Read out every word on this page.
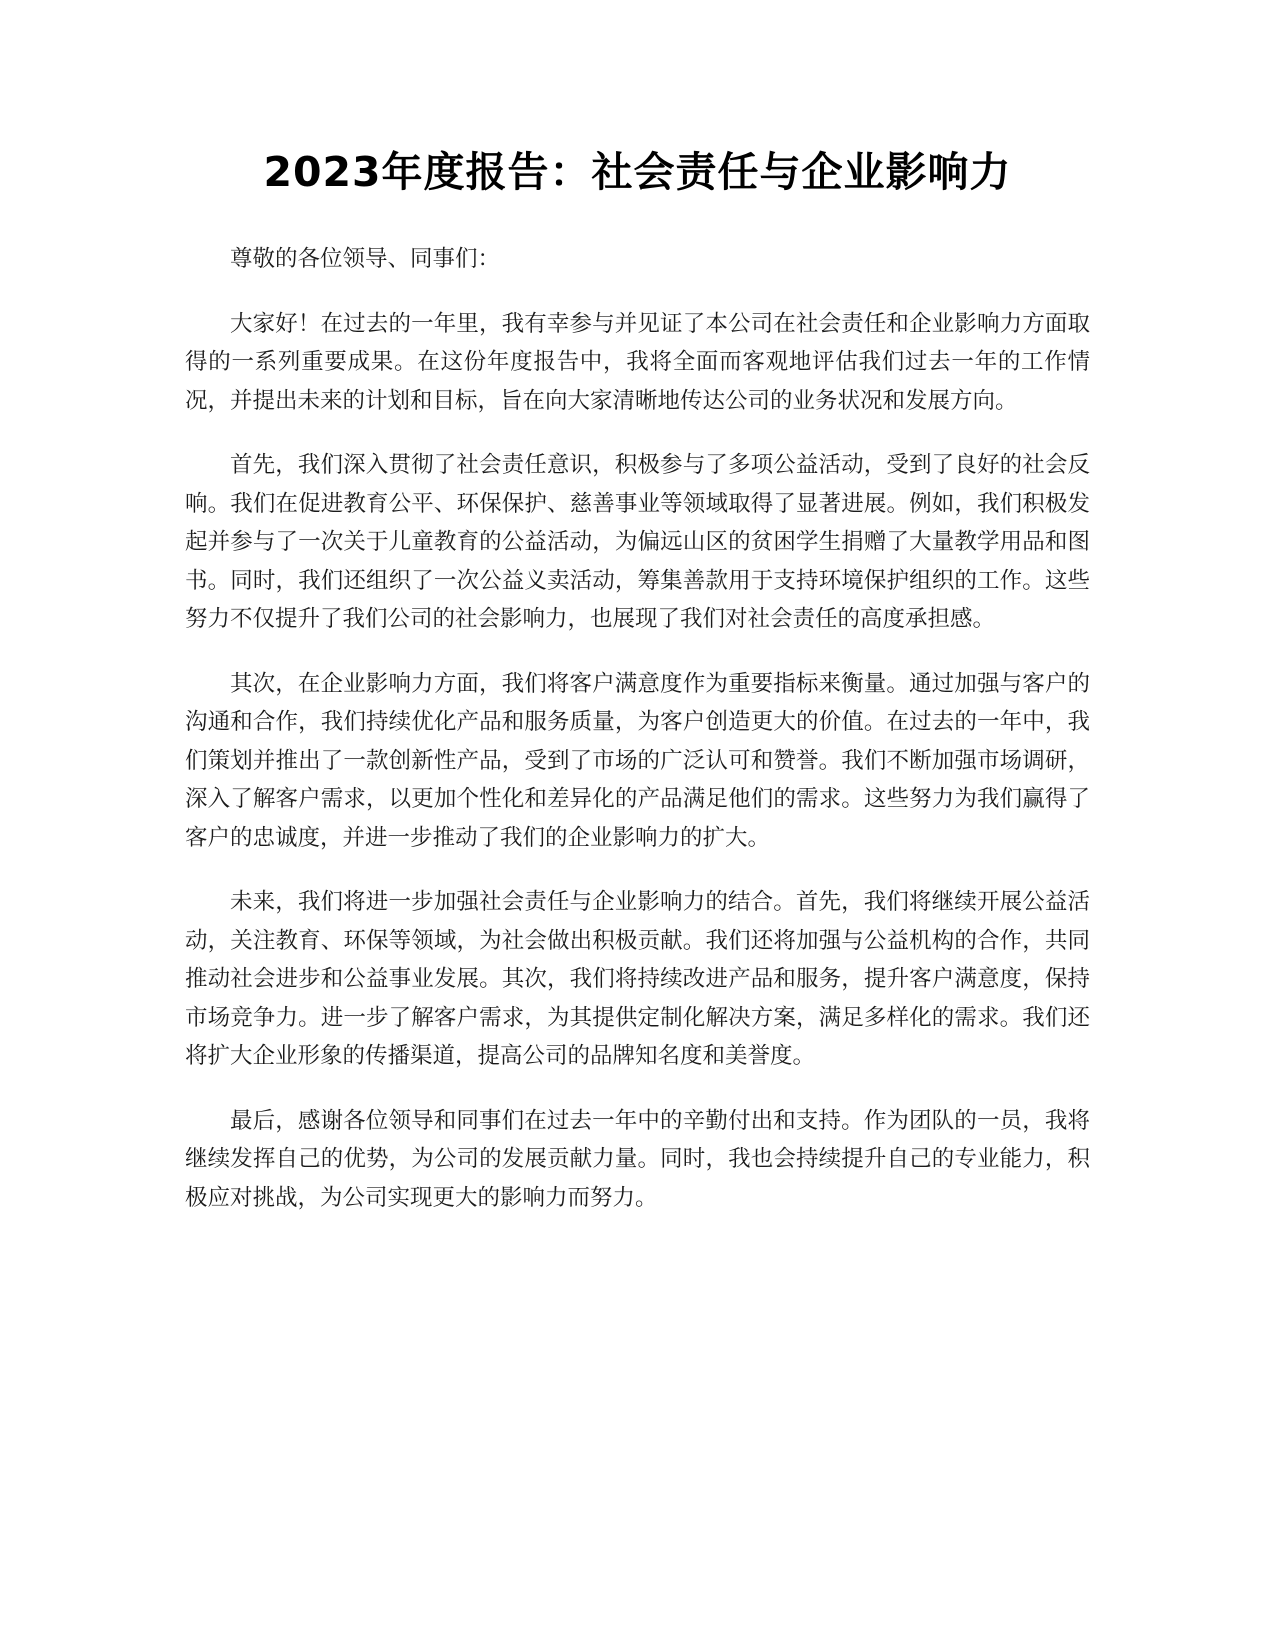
2023年度报告：社会责任与企业影响力

尊敬的各位领导、同事们：

大家好！在过去的一年里，我有幸参与并见证了本公司在社会责任和企业影响力方面取得的一系列重要成果。在这份年度报告中，我将全面而客观地评估我们过去一年的工作情况，并提出未来的计划和目标，旨在向大家清晰地传达公司的业务状况和发展方向。

首先，我们深入贯彻了社会责任意识，积极参与了多项公益活动，受到了良好的社会反响。我们在促进教育公平、环保保护、慈善事业等领域取得了显著进展。例如，我们积极发起并参与了一次关于儿童教育的公益活动，为偏远山区的贫困学生捐赠了大量教学用品和图书。同时，我们还组织了一次公益义卖活动，筹集善款用于支持环境保护组织的工作。这些努力不仅提升了我们公司的社会影响力，也展现了我们对社会责任的高度承担感。

其次，在企业影响力方面，我们将客户满意度作为重要指标来衡量。通过加强与客户的沟通和合作，我们持续优化产品和服务质量，为客户创造更大的价值。在过去的一年中，我们策划并推出了一款创新性产品，受到了市场的广泛认可和赞誉。我们不断加强市场调研，深入了解客户需求，以更加个性化和差异化的产品满足他们的需求。这些努力为我们赢得了客户的忠诚度，并进一步推动了我们的企业影响力的扩大。

未来，我们将进一步加强社会责任与企业影响力的结合。首先，我们将继续开展公益活动，关注教育、环保等领域，为社会做出积极贡献。我们还将加强与公益机构的合作，共同推动社会进步和公益事业发展。其次，我们将持续改进产品和服务，提升客户满意度，保持市场竞争力。进一步了解客户需求，为其提供定制化解决方案，满足多样化的需求。我们还将扩大企业形象的传播渠道，提高公司的品牌知名度和美誉度。

最后，感谢各位领导和同事们在过去一年中的辛勤付出和支持。作为团队的一员，我将继续发挥自己的优势，为公司的发展贡献力量。同时，我也会持续提升自己的专业能力，积极应对挑战，为公司实现更大的影响力而努力。
